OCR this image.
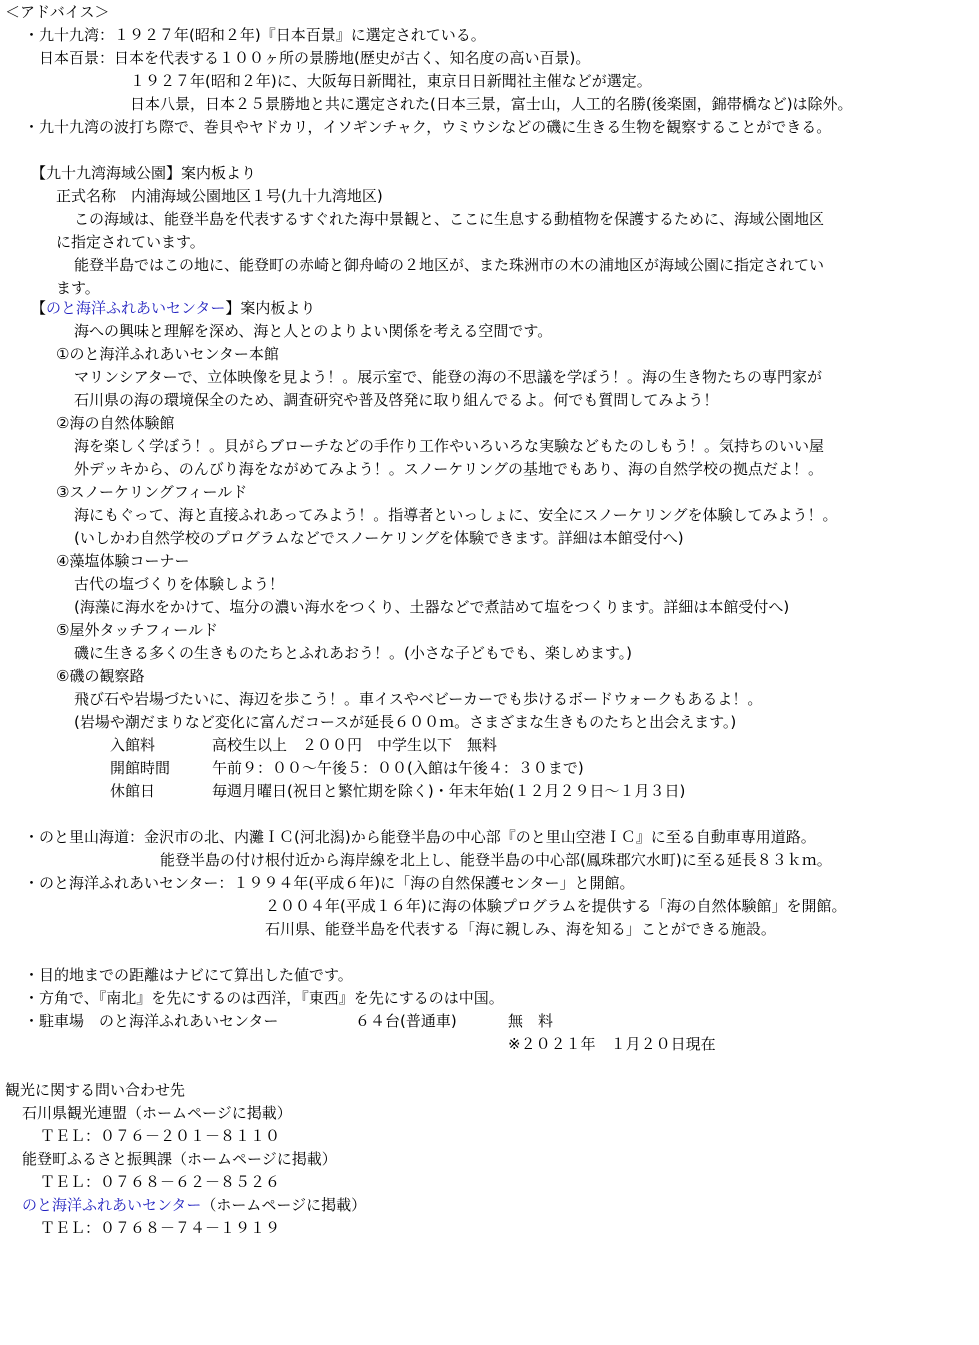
＜アドバイス＞
・九十九湾：１９２７年(昭和２年)『日本百景』に選定されている。
日本百景：日本を代表する１００ヶ所の景勝地(歴史が古く、知名度の高い百景)。
１９２７年(昭和２年)に、大阪毎日新聞社，東京日日新聞社主催などが選定。
日本八景，日本２５景勝地と共に選定された(日本三景，富士山，人工的名勝(後楽園，錦帯橋など)は除外。
・九十九湾の波打ち際で、巻貝やヤドカリ，イソギンチャク，ウミウシなどの磯に生きる生物を観察することができる。
【九十九湾海域公園】案内板より
正式名称　内浦海域公園地区１号(九十九湾地区)
この海域は、能登半島を代表するすぐれた海中景観と、ここに生息する動植物を保護するために、海域公園地区
に指定されています。
能登半島ではこの地に、能登町の赤崎と御舟崎の２地区が、また珠洲市の木の浦地区が海域公園に指定されてい
ます。
【のと海洋ふれあいセンター】案内板より
海への興味と理解を深め、海と人とのよりよい関係を考える空間です。
①のと海洋ふれあいセンター本館
マリンシアターで、立体映像を見よう！。展示室で、能登の海の不思議を学ぼう！。海の生き物たちの専門家が
石川県の海の環境保全のため、調査研究や普及啓発に取り組んでるよ。何でも質問してみよう！
②海の自然体験館
海を楽しく学ぼう！。貝がらブローチなどの手作り工作やいろいろな実験などもたのしもう！。気持ちのいい屋
外デッキから、のんびり海をながめてみよう！。スノーケリングの基地でもあり、海の自然学校の拠点だよ！。
③スノーケリングフィールド
海にもぐって、海と直接ふれあってみよう！。指導者といっしょに、安全にスノーケリングを体験してみよう！。
(いしかわ自然学校のプログラムなどでスノーケリングを体験できます。詳細は本館受付へ)
④藻塩体験コーナー
古代の塩づくりを体験しよう！
(海藻に海水をかけて、塩分の濃い海水をつくり、土器などで煮詰めて塩をつくります。詳細は本館受付へ)
⑤屋外タッチフィールド
磯に生きる多くの生きものたちとふれあおう！。(小さな子どもでも、楽しめます。)
⑥磯の観察路
飛び石や岩場づたいに、海辺を歩こう！。車イスやベビーカーでも歩けるボードウォークもあるよ！。
(岩場や潮だまりなど変化に富んだコースが延長６００ｍ。さまざまな生きものたちと出会えます。)
入館料	高校生以上　２００円　中学生以下　無料
開館時間	午前９：００～午後５：００(入館は午後４：３０まで)
休館日	毎週月曜日(祝日と繁忙期を除く)・年末年始(１２月２９日～１月３日)
・のと里山海道：金沢市の北、内灘ＩＣ(河北潟)から能登半島の中心部『のと里山空港ＩＣ』に至る自動車専用道路。
能登半島の付け根付近から海岸線を北上し、能登半島の中心部(鳳珠郡穴水町)に至る延長８３ｋｍ。
・のと海洋ふれあいセンター：１９９４年(平成６年)に「海の自然保護センター」と開館。
２００４年(平成１６年)に海の体験プログラムを提供する「海の自然体験館」を開館。
石川県、能登半島を代表する「海に親しみ、海を知る」ことができる施設。
・目的地までの距離はナビにて算出した値です。
・方角で、『南北』を先にするのは西洋，『東西』を先にするのは中国。
・駐車場　のと海洋ふれあいセンター	６４台(普通車)	無　料
※２０２１年　１月２０日現在
観光に関する問い合わせ先
石川県観光連盟（ホームページに掲載）
ＴＥＬ：０７６－２０１－８１１０
能登町ふるさと振興課（ホームページに掲載）
ＴＥＬ：０７６８－６２－８５２６
のと海洋ふれあいセンター（ホームページに掲載）
ＴＥＬ：０７６８－７４－１９１９
